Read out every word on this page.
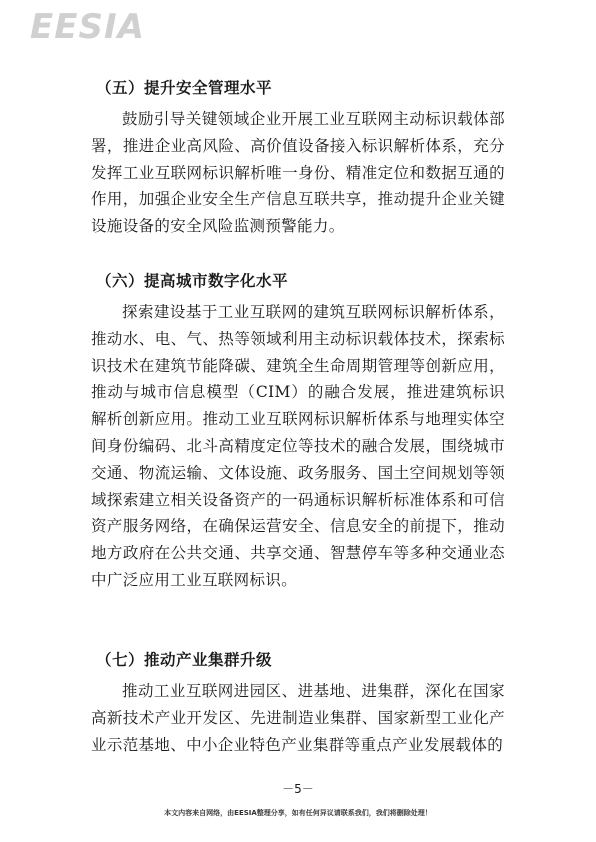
EESIA
（五）提升安全管理水平
鼓励引导关键领域企业开展工业互联网主动标识载体部署，推进企业高风险、高价值设备接入标识解析体系，充分发挥工业互联网标识解析唯一身份、精准定位和数据互通的作用，加强企业安全生产信息互联共享，推动提升企业关键设施设备的安全风险监测预警能力。
（六）提高城市数字化水平
探索建设基于工业互联网的建筑互联网标识解析体系，推动水、电、气、热等领域利用主动标识载体技术，探索标识技术在建筑节能降碳、建筑全生命周期管理等创新应用，推动与城市信息模型（CIM）的融合发展，推进建筑标识解析创新应用。推动工业互联网标识解析体系与地理实体空间身份编码、北斗高精度定位等技术的融合发展，围绕城市交通、物流运输、文体设施、政务服务、国土空间规划等领域探索建立相关设备资产的一码通标识解析标准体系和可信资产服务网络，在确保运营安全、信息安全的前提下，推动地方政府在公共交通、共享交通、智慧停车等多种交通业态中广泛应用工业互联网标识。
（七）推动产业集群升级
推动工业互联网进园区、进基地、进集群，深化在国家高新技术产业开发区、先进制造业集群、国家新型工业化产业示范基地、中小企业特色产业集群等重点产业发展载体的
－5－
本文内容来自网络，由EESIA整理分享，如有任何异议请联系我们，我们将删除处理！
